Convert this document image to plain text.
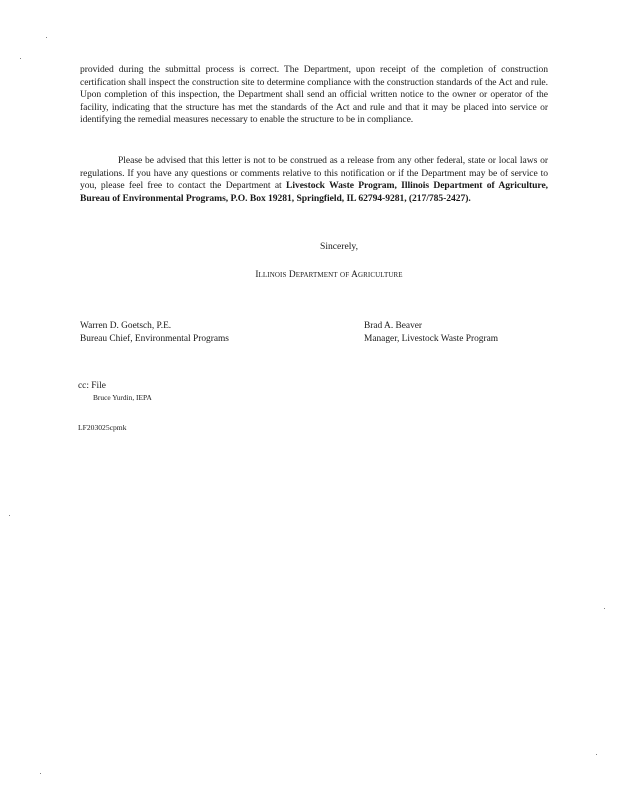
provided during the submittal process is correct. The Department, upon receipt of the completion of construction certification shall inspect the construction site to determine compliance with the construction standards of the Act and rule. Upon completion of this inspection, the Department shall send an official written notice to the owner or operator of the facility, indicating that the structure has met the standards of the Act and rule and that it may be placed into service or identifying the remedial measures necessary to enable the structure to be in compliance.
Please be advised that this letter is not to be construed as a release from any other federal, state or local laws or regulations. If you have any questions or comments relative to this notification or if the Department may be of service to you, please feel free to contact the Department at Livestock Waste Program, Illinois Department of Agriculture, Bureau of Environmental Programs, P.O. Box 19281, Springfield, IL 62794-9281, (217/785-2427).
Sincerely,
Illinois Department of Agriculture
Warren D. Goetsch, P.E.
Bureau Chief, Environmental Programs
Brad A. Beaver
Manager, Livestock Waste Program
cc: File
Bruce Yurdin, IEPA
LF203025cpmk
